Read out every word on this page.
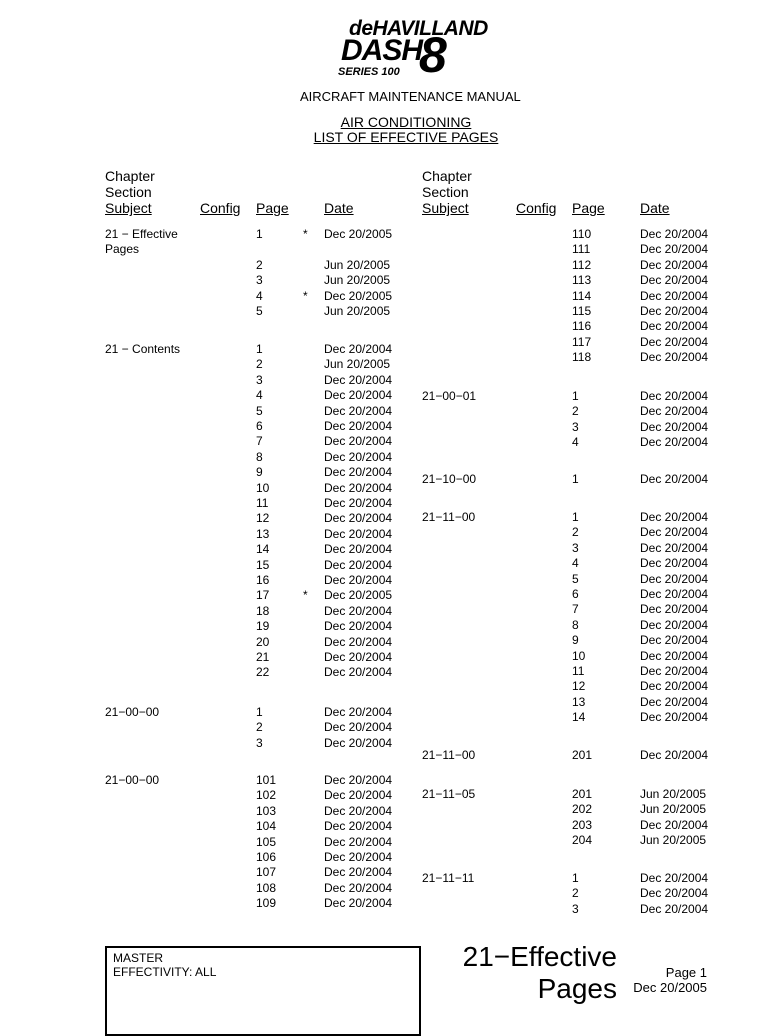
deHAVILLAND
DASH
8
SERIES 100
AIRCRAFT MAINTENANCE MANUAL
AIR CONDITIONING
LIST OF EFFECTIVE PAGES
Chapter
Section
Subject	Config Page	Date
Chapter
Section
Subject	Config Page	Date
21 − Effective
Pages
1	* Dec 20/2005
2	Jun 20/2005
3	Jun 20/2005
4	* Dec 20/2005
5	Jun 20/2005
21 − Contents	1	Dec 20/2004
2	Jun 20/2005
3	Dec 20/2004
4	Dec 20/2004
5	Dec 20/2004
6	Dec 20/2004
7	Dec 20/2004
8	Dec 20/2004
9	Dec 20/2004
10	Dec 20/2004
11	Dec 20/2004
12	Dec 20/2004
13	Dec 20/2004
14	Dec 20/2004
15	Dec 20/2004
16	Dec 20/2004
17	* Dec 20/2005
18	Dec 20/2004
19	Dec 20/2004
20	Dec 20/2004
21	Dec 20/2004
22	Dec 20/2004
21−00−00	1	Dec 20/2004
2	Dec 20/2004
3	Dec 20/2004
21−00−00	101	Dec 20/2004
102	Dec 20/2004
103	Dec 20/2004
104	Dec 20/2004
105	Dec 20/2004
106	Dec 20/2004
107	Dec 20/2004
108	Dec 20/2004
109	Dec 20/2004
110	Dec 20/2004
111	Dec 20/2004
112	Dec 20/2004
113	Dec 20/2004
114	Dec 20/2004
115	Dec 20/2004
116	Dec 20/2004
117	Dec 20/2004
118	Dec 20/2004
21−00−01	1	Dec 20/2004
2	Dec 20/2004
3	Dec 20/2004
4	Dec 20/2004
21−10−00	1	Dec 20/2004
21−11−00	1	Dec 20/2004
2	Dec 20/2004
3	Dec 20/2004
4	Dec 20/2004
5	Dec 20/2004
6	Dec 20/2004
7	Dec 20/2004
8	Dec 20/2004
9	Dec 20/2004
10	Dec 20/2004
11	Dec 20/2004
12	Dec 20/2004
13	Dec 20/2004
14	Dec 20/2004
21−11−00	201	Dec 20/2004
21−11−05	201	Jun 20/2005
202	Jun 20/2005
203	Dec 20/2004
204	Jun 20/2005
21−11−11	1	Dec 20/2004
2	Dec 20/2004
3	Dec 20/2004
MASTER
EFFECTIVITY: ALL	21−Effective
Pages
Page 1
Dec 20/2005
